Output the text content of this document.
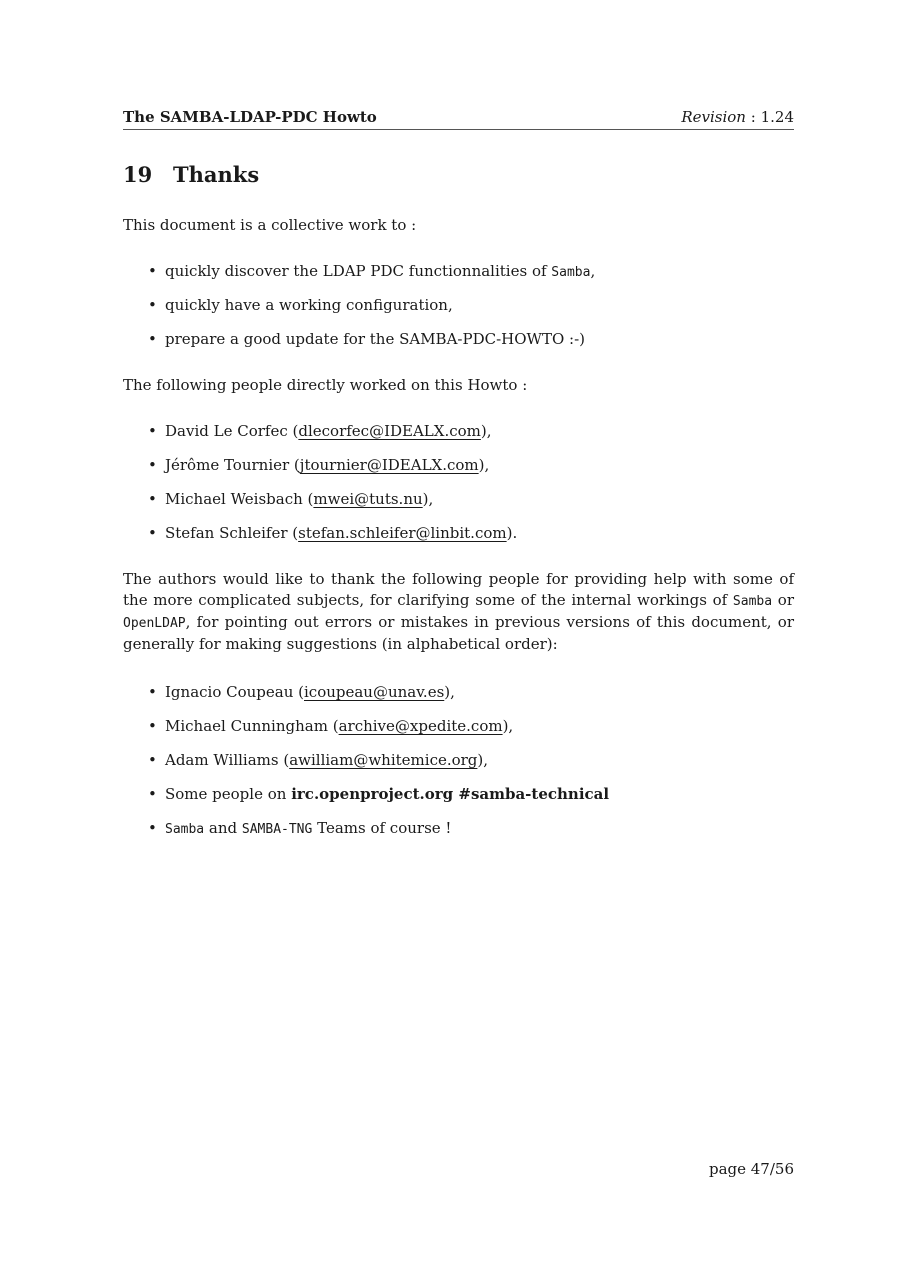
The SAMBA-LDAP-PDC Howto	Revision : 1.24
19 Thanks
This document is a collective work to :
• quickly discover the LDAP PDC functionnalities of Samba,
• quickly have a working configuration,
• prepare a good update for the SAMBA-PDC-HOWTO :-)
The following people directly worked on this Howto :
• David Le Corfec (dlecorfec@IDEALX.com),
• Jérôme Tournier (jtournier@IDEALX.com),
• Michael Weisbach (mwei@tuts.nu),
• Stefan Schleifer (stefan.schleifer@linbit.com).
The authors would like to thank the following people for providing help with some of the more complicated subjects, for clarifying some of the internal workings of Samba or OpenLDAP, for pointing out errors or mistakes in previous versions of this document, or generally for making suggestions (in alphabetical order):
• Ignacio Coupeau (icoupeau@unav.es),
• Michael Cunningham (archive@xpedite.com),
• Adam Williams (awilliam@whitemice.org),
• Some people on irc.openproject.org #samba-technical
• Samba and SAMBA-TNG Teams of course !
page 47/56
